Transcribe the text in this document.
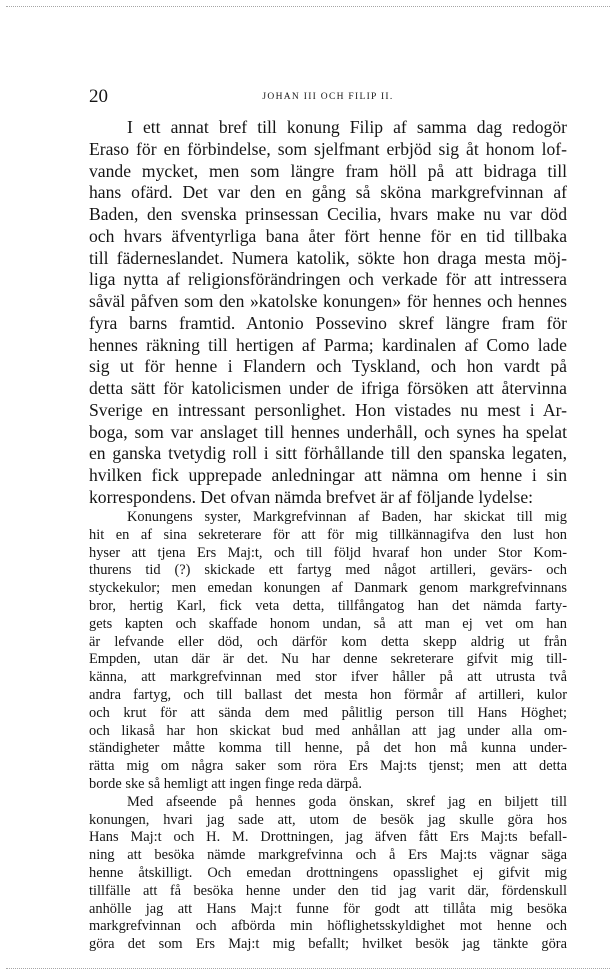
20	JOHAN III OCH FILIP II.
I ett annat bref till konung Filip af samma dag redogör
Eraso för en förbindelse, som sjelfmant erbjöd sig åt honom lof-
vande mycket, men som längre fram höll på att bidraga till
hans ofärd. Det var den en gång så sköna markgrefvinnan af
Baden, den svenska prinsessan Cecilia, hvars make nu var död
och hvars äfventyrliga bana åter fört henne för en tid tillbaka
till fäderneslandet. Numera katolik, sökte hon draga mesta möj-
liga nytta af religionsförändringen och verkade för att intressera
såväl påfven som den »katolske konungen» för hennes och hennes
fyra barns framtid. Antonio Possevino skref längre fram för
hennes räkning till hertigen af Parma; kardinalen af Como lade
sig ut för henne i Flandern och Tyskland, och hon vardt på
detta sätt för katolicismen under de ifriga försöken att återvinna
Sverige en intressant personlighet. Hon vistades nu mest i Ar-
boga, som var anslaget till hennes underhåll, och synes ha spelat
en ganska tvetydig roll i sitt förhållande till den spanska legaten,
hvilken fick upprepade anledningar att nämna om henne i sin
korrespondens. Det ofvan nämda brefvet är af följande lydelse:
Konungens syster, Markgrefvinnan af Baden, har skickat till mig
hit en af sina sekreterare för att för mig tillkännagifva den lust hon
hyser att tjena Ers Maj:t, och till följd hvaraf hon under Stor Kom-
thurens tid (?) skickade ett fartyg med något artilleri, gevärs- och
styckekulor; men emedan konungen af Danmark genom markgrefvinnans
bror, hertig Karl, fick veta detta, tillfångatog han det nämda farty-
gets kapten och skaffade honom undan, så att man ej vet om han
är lefvande eller död, och därför kom detta skepp aldrig ut från
Empden, utan där är det. Nu har denne sekreterare gifvit mig till-
känna, att markgrefvinnan med stor ifver håller på att utrusta två
andra fartyg, och till ballast det mesta hon förmår af artilleri, kulor
och krut för att sända dem med pålitlig person till Hans Höghet;
och likaså har hon skickat bud med anhållan att jag under alla om-
ständigheter måtte komma till henne, på det hon må kunna under-
rätta mig om några saker som röra Ers Maj:ts tjenst; men att detta
borde ske så hemligt att ingen finge reda därpå.
Med afseende på hennes goda önskan, skref jag en biljett till
konungen, hvari jag sade att, utom de besök jag skulle göra hos
Hans Maj:t och H. M. Drottningen, jag äfven fått Ers Maj:ts befall-
ning att besöka nämde markgrefvinna och å Ers Maj:ts vägnar säga
henne åtskilligt. Och emedan drottningens opasslighet ej gifvit mig
tillfälle att få besöka henne under den tid jag varit där, fördenskull
anhölle jag att Hans Maj:t funne för godt att tillåta mig besöka
markgrefvinnan och afbörda min höflighetsskyldighet mot henne och
göra det som Ers Maj:t mig befallt; hvilket besök jag tänkte göra
